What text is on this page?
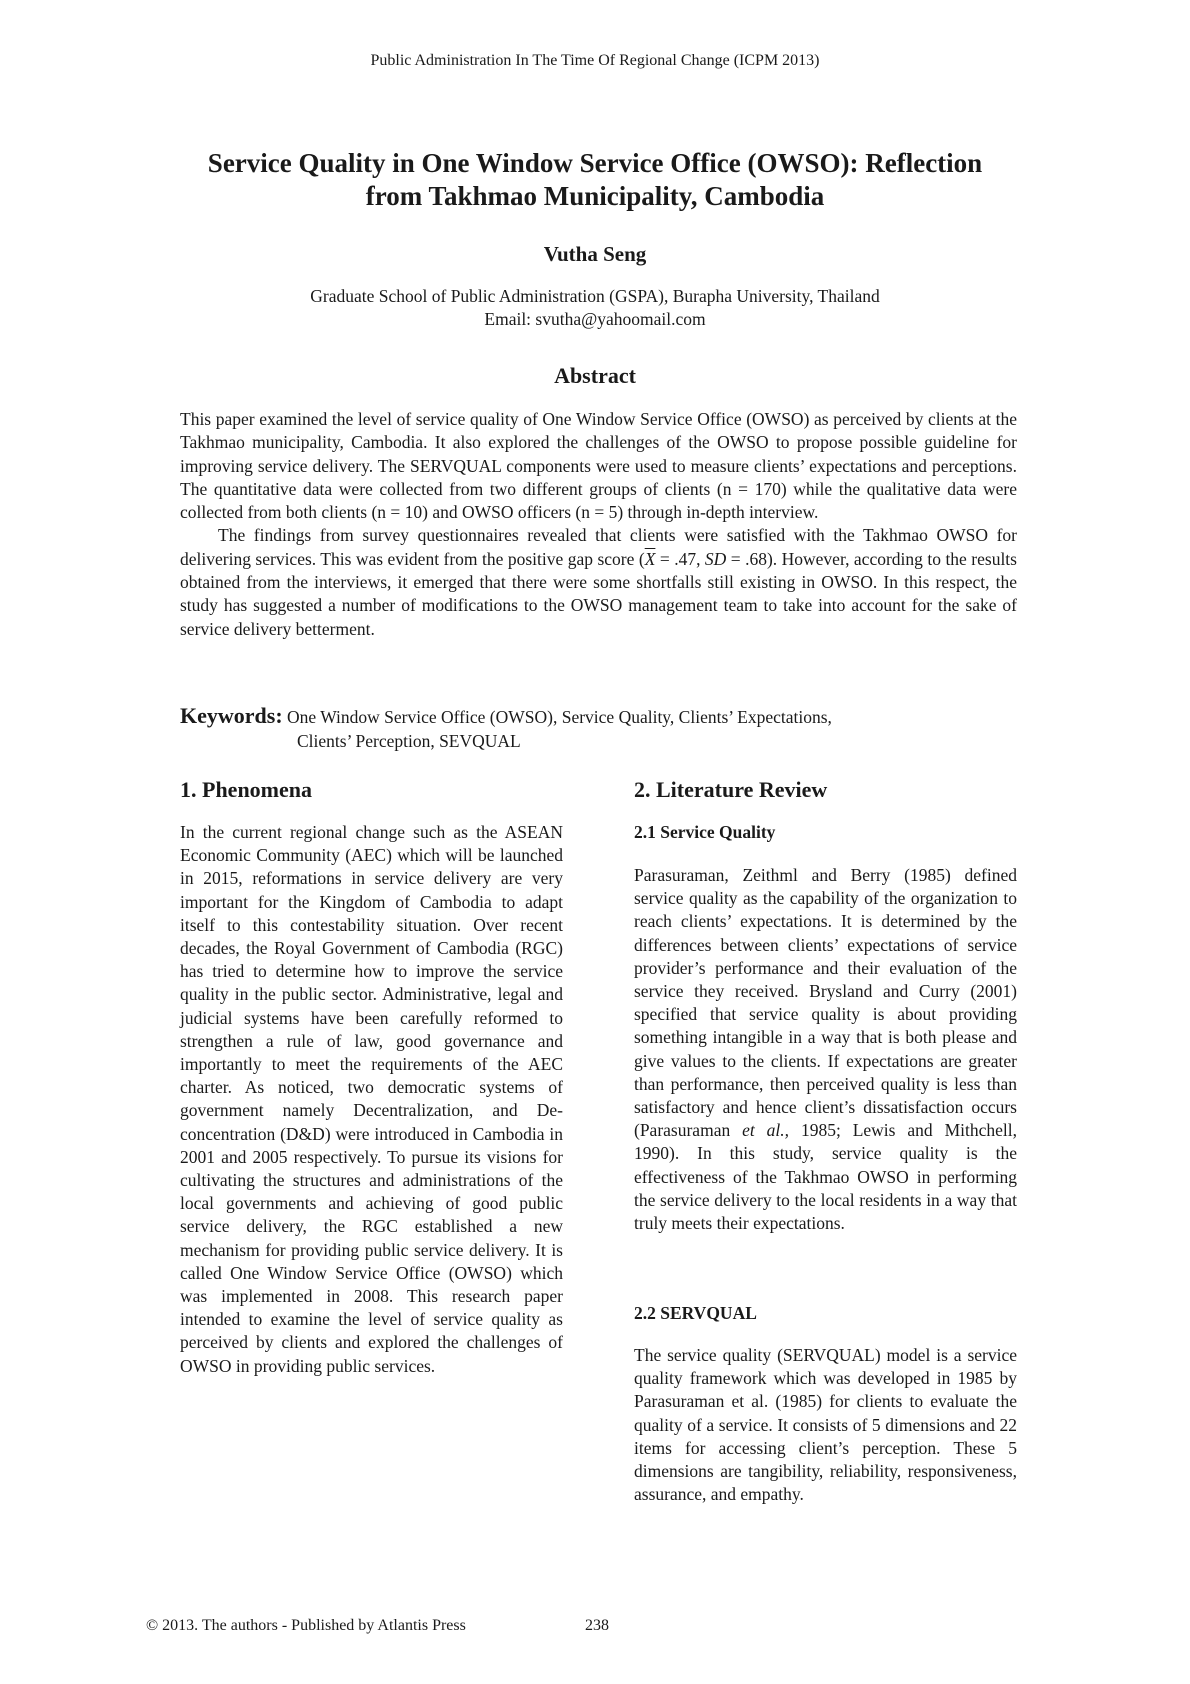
Public Administration In The Time Of Regional Change (ICPM 2013)
Service Quality in One Window Service Office (OWSO): Reflection
from Takhmao Municipality, Cambodia
Vutha Seng
Graduate School of Public Administration (GSPA), Burapha University, Thailand
Email: svutha@yahoomail.com
Abstract

This paper examined the level of service quality of One Window Service Office (OWSO) as perceived by clients at the Takhmao municipality, Cambodia. It also explored the challenges of the OWSO to propose possible guideline for improving service delivery. The SERVQUAL components were used to measure clients’ expectations and perceptions. The quantitative data were collected from two different groups of clients (n = 170) while the qualitative data were collected from both clients (n = 10) and OWSO officers (n = 5) through in-depth interview.

The findings from survey questionnaires revealed that clients were satisfied with the Takhmao OWSO for delivering services. This was evident from the positive gap score ($\overline{X} = .47$, SD = .68). However, according to the results obtained from the interviews, it emerged that there were some shortfalls still existing in OWSO. In this respect, the study has suggested a number of modifications to the OWSO management team to take into account for the sake of service delivery betterment.

Keywords: One Window Service Office (OWSO), Service Quality, Clients’ Expectations,
Clients’ Perception, SEVQUAL
1. Phenomena

In the current regional change such as the ASEAN Economic Community (AEC) which will be launched in 2015, reformations in service delivery are very important for the Kingdom of Cambodia to adapt itself to this contestability situation. Over recent decades, the Royal Government of Cambodia (RGC) has tried to determine how to improve the service quality in the public sector. Administrative, legal and judicial systems have been carefully reformed to strengthen a rule of law, good governance and importantly to meet the requirements of the AEC charter. As noticed, two democratic systems of government namely Decentralization, and De-concentration (D&D) were introduced in Cambodia in 2001 and 2005 respectively. To pursue its visions for cultivating the structures and administrations of the local governments and achieving of good public service delivery, the RGC established a new mechanism for providing public service delivery. It is called One Window Service Office (OWSO) which was implemented in 2008. This research paper intended to examine the level of service quality as perceived by clients and explored the challenges of OWSO in providing public services.

2. Literature Review
2.1 Service Quality

Parasuraman, Zeithml and Berry (1985) defined service quality as the capability of the organization to reach clients’ expectations. It is determined by the differences between clients’ expectations of service provider’s performance and their evaluation of the service they received. Brysland and Curry (2001) specified that service quality is about providing something intangible in a way that is both please and give values to the clients. If expectations are greater than performance, then perceived quality is less than satisfactory and hence client’s dissatisfaction occurs (Parasuraman et al., 1985; Lewis and Mithchell, 1990). In this study, service quality is the effectiveness of the Takhmao OWSO in performing the service delivery to the local residents in a way that truly meets their expectations.

2.2 SERVQUAL

The service quality (SERVQUAL) model is a service quality framework which was developed in 1985 by Parasuraman et al. (1985) for clients to evaluate the quality of a service. It consists of 5 dimensions and 22 items for accessing client’s perception. These 5 dimensions are tangibility, reliability, responsiveness, assurance, and empathy.

© 2013. The authors - Published by Atlantis Press	238
